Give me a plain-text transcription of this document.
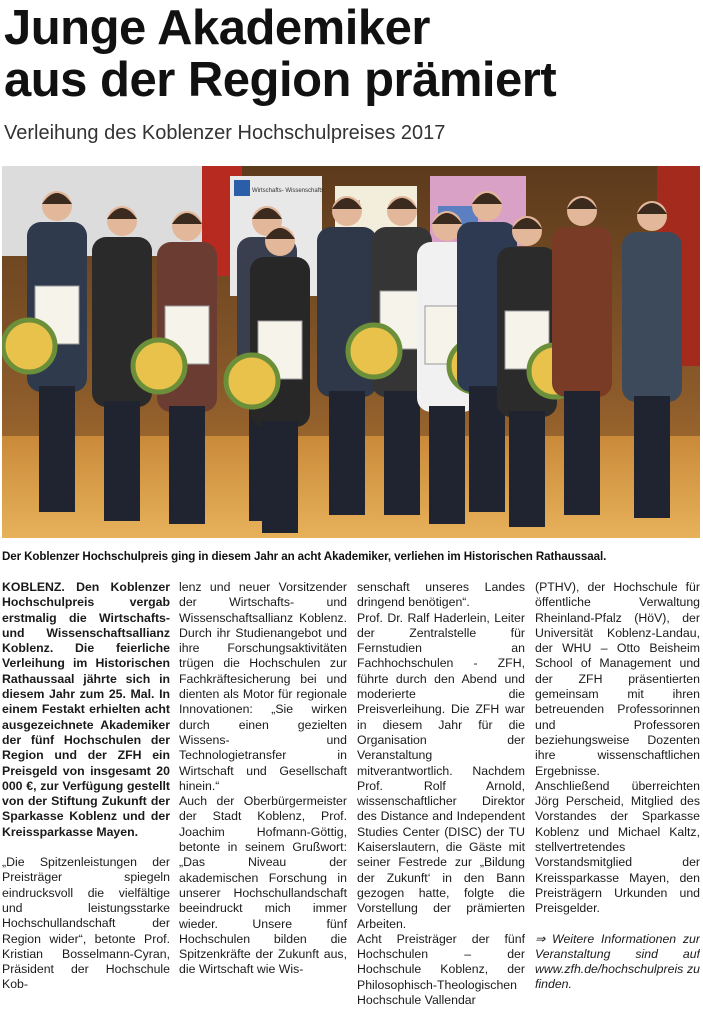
Junge Akademiker
aus der Region prämiert
Verleihung des Koblenzer Hochschulpreises 2017
Wirtschafts- Wissenschafts
Der Koblenzer Hochschulpreis ging in diesem Jahr an acht Akademiker, verliehen im Historischen Rathaussaal.

KOBLENZ. Den Koblenzer Hochschulpreis vergab erstmalig die Wirtschafts- und Wissenschaftsallianz Koblenz. Die feierliche Verleihung im Historischen Rathaussaal jährte sich in diesem Jahr zum 25. Mal. In einem Festakt erhielten acht ausgezeichnete Akademiker der fünf Hochschulen der Region und der ZFH ein Preisgeld von insgesamt 20 000 €, zur Verfügung gestellt von der Stiftung Zukunft der Sparkasse Koblenz und der Kreissparkasse Mayen.

„Die Spitzenleistungen der Preisträger spiegeln eindrucksvoll die vielfältige und leistungsstarke Hochschullandschaft der Region wider“, betonte Prof. Kristian Bosselmann-Cyran, Präsident der Hochschule Kob-

lenz und neuer Vorsitzender der Wirtschafts- und Wissenschaftsallianz Koblenz. Durch ihr Studienangebot und ihre Forschungsaktivitäten trügen die Hochschulen zur Fachkräftesicherung bei und dienten als Motor für regionale Innovationen: „Sie wirken durch einen gezielten Wissens- und Technologietransfer in Wirtschaft und Gesellschaft hinein.“

Auch der Oberbürgermeister der Stadt Koblenz, Prof. Joachim Hofmann-Göttig, betonte in seinem Grußwort: „Das Niveau der akademischen Forschung in unserer Hochschullandschaft beeindruckt mich immer wieder. Unsere fünf Hochschulen bilden die Spitzenkräfte der Zukunft aus, die Wirtschaft wie Wis-

senschaft unseres Landes dringend benötigen“.

Prof. Dr. Ralf Haderlein, Leiter der Zentralstelle für Fernstudien an Fachhochschulen - ZFH, führte durch den Abend und moderierte die Preisverleihung. Die ZFH war in diesem Jahr für die Organisation der Veranstaltung mitverantwortlich. Nachdem Prof. Rolf Arnold, wissenschaftlicher Direktor des Distance and Independent Studies Center (DISC) der TU Kaiserslautern, die Gäste mit seiner Festrede zur „Bildung der Zukunft‘ in den Bann gezogen hatte, folgte die Vorstellung der prämierten Arbeiten.

Acht Preisträger der fünf Hochschulen – der Hochschule Koblenz, der Philosophisch-Theologischen Hochschule Vallendar

(PTHV), der Hochschule für öffentliche Verwaltung Rheinland-Pfalz (HöV), der Universität Koblenz-Landau, der WHU – Otto Beisheim School of Management und der ZFH präsentierten gemeinsam mit ihren betreuenden Professorinnen und Professoren beziehungsweise Dozenten ihre wissenschaftlichen Ergebnisse.

Anschließend überreichten Jörg Perscheid, Mitglied des Vorstandes der Sparkasse Koblenz und Michael Kaltz, stellvertretendes Vorstandsmitglied der Kreissparkasse Mayen, den Preisträgern Urkunden und Preisgelder.

⇒ Weitere Informationen zur Veranstaltung sind auf www.zfh.de/hochschulpreis zu finden.
